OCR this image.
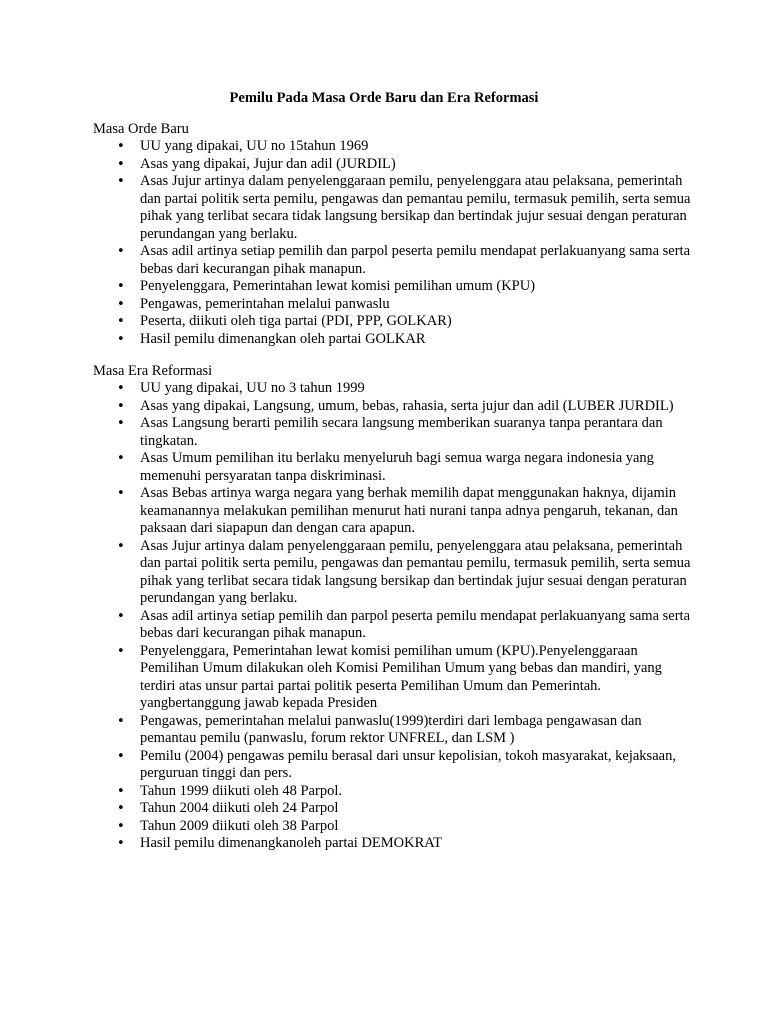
Pemilu Pada Masa Orde Baru dan Era Reformasi

Masa Orde Baru

• UU yang dipakai, UU no 15tahun 1969
• Asas yang dipakai, Jujur dan adil (JURDIL)
• Asas Jujur artinya dalam penyelenggaraan pemilu, penyelenggara atau pelaksana, pemerintah dan partai politik serta pemilu, pengawas dan pemantau pemilu, termasuk pemilih, serta semua pihak yang terlibat secara tidak langsung bersikap dan bertindak jujur sesuai dengan peraturan perundangan yang berlaku.
• Asas adil artinya setiap pemilih dan parpol peserta pemilu mendapat perlakuanyang sama serta bebas dari kecurangan pihak manapun.
• Penyelenggara, Pemerintahan lewat komisi pemilihan umum (KPU)
• Pengawas, pemerintahan melalui panwaslu
• Peserta, diikuti oleh tiga partai (PDI, PPP, GOLKAR)
• Hasil pemilu dimenangkan oleh partai GOLKAR

Masa Era Reformasi

• UU yang dipakai, UU no 3 tahun 1999
• Asas yang dipakai, Langsung, umum, bebas, rahasia, serta jujur dan adil (LUBER JURDIL)
• Asas Langsung berarti pemilih secara langsung memberikan suaranya tanpa perantara dan tingkatan.
• Asas Umum pemilihan itu berlaku menyeluruh bagi semua warga negara indonesia yang memenuhi persyaratan tanpa diskriminasi.
• Asas Bebas artinya warga negara yang berhak memilih dapat menggunakan haknya, dijamin keamanannya melakukan pemilihan menurut hati nurani tanpa adnya pengaruh, tekanan, dan paksaan dari siapapun dan dengan cara apapun.
• Asas Jujur artinya dalam penyelenggaraan pemilu, penyelenggara atau pelaksana, pemerintah dan partai politik serta pemilu, pengawas dan pemantau pemilu, termasuk pemilih, serta semua pihak yang terlibat secara tidak langsung bersikap dan bertindak jujur sesuai dengan peraturan perundangan yang berlaku.
• Asas adil artinya setiap pemilih dan parpol peserta pemilu mendapat perlakuanyang sama serta bebas dari kecurangan pihak manapun.
• Penyelenggara, Pemerintahan lewat komisi pemilihan umum (KPU).Penyelenggaraan Pemilihan Umum dilakukan oleh Komisi Pemilihan Umum yang bebas dan mandiri, yang terdiri atas unsur partai partai politik peserta Pemilihan Umum dan Pemerintah. yangbertanggung jawab kepada Presiden
• Pengawas, pemerintahan melalui panwaslu(1999)terdiri dari lembaga pengawasan dan pemantau pemilu (panwaslu, forum rektor UNFREL, dan LSM )
• Pemilu (2004) pengawas pemilu berasal dari unsur kepolisian, tokoh masyarakat, kejaksaan, perguruan tinggi dan pers.
• Tahun 1999 diikuti oleh 48 Parpol.
• Tahun 2004 diikuti oleh 24 Parpol
• Tahun 2009 diikuti oleh 38 Parpol
• Hasil pemilu dimenangkanoleh partai DEMOKRAT
